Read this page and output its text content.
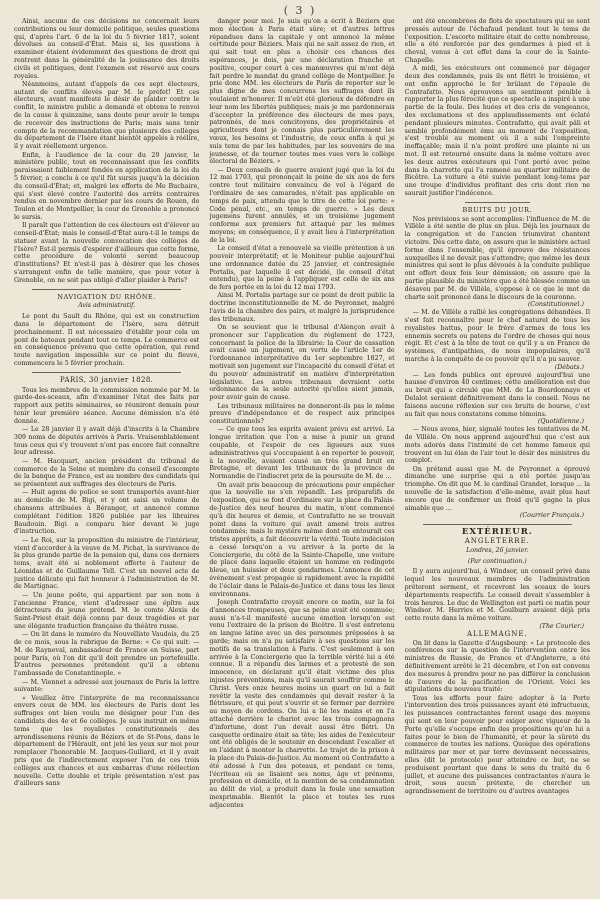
( 3 )

Ainsi, aucune de ces décisions ne concernait leurs contributions ou leur domicile politique, seules questions qui, d'après l'art. 6 de la loi du 5 février 1817, soient dévolues au conseil-d'État. Mais si, les questions à examiner étaient évidemment des questions de droit qui rentrent dans la généralité de la jouissance des droits civils et politiques, dont l'examen est réservé aux cours royales.

Néanmoins, autant d'appels de ces sept électeurs, autant de conflits élevés par M. le préfet! Et ces électeurs, avant manifesté le désir de plaider contre le conflit, le ministre public a demandé et obtenu le renvoi de la cause à quinzaine, sans doute pour avoir le temps de recevoir des instructions de Paris; mais sans tenir compte de la recommandation que plusieurs des collèges du département de l'Isère étant bientôt appelés à réélire, il y avait réellement urgence.

Enfin, à l'audience de la cour du 29 janvier, le ministère public, tout en reconnaissant que les conflits paraissaient faiblement fondés en application de la loi du 5 février, a conclu à ce qu'il fût sursis jusqu'à la décision du conseil-d'État; et, malgré les efforts de Me Buchaire, qui s'est élevé contre l'autorité des arrêts contraires rendus en novembre dernier par les cours de Rouen, de Toulon et de Montpellier, la cour de Grenoble a prononcé le sursis.

Il paraît que l'attention de ces électeurs est d'élever au conseil-d'État; mais le conseil-d'État aura-t-il le temps de statuer avant la nouvelle convocation des collèges de l'Isère? Est-il permis d'espérer d'ailleurs que cette forme, cette procédure de volonté seront beaucoup d'institutions? Et n'est-il pas à désirer que les choses s'arrangent enfin de telle manière, que pour voter à Grenoble, on ne soit pas obligé d'aller plaider à Paris?

NAVIGATION DU RHÔNE.
Avis administratif.

Le pont du Sault du Rhône, qui est en construction dans le département de l'Isère, sera détruit prochainement. Il est nécessaire d'établir pour cela un pont de bateaux pendant tout ce temps. Le commerce est en conséquence prévenu que cette opération, qui rend toute navigation impossible sur ce point du fleuve, commencera le 5 février prochain.

PARIS, 30 janvier 1828.

Tous les membres de la commission nommée par M. le garde-des-sceaux, afin d'examiner l'état des faits par rapport aux petits séminaires, se réuniront demain pour tenir leur première séance. Aucune démission n'a été donnée.

— Le 28 janvier il y avait déjà d'inscrits à la Chambre 309 noms de députés arrivés à Paris. Vraisemblablement tous ceux qui s'y trouvent n'ont pas encore fait connaître leur adresse.

— M. Hacquart, ancien président du tribunal de commerce de la Seine et membre du conseil d'escompte de la banque de France, est au nombre des candidats qui se présentent aux suffrages des électeurs de Paris.

— Huit agens de police se sont transportés avant-hier au domicile de M. Bigi, et y ont saisi un volume de chansons attribuées à Béranger, et annoncé comme complétant l'édition 1826 publiée par les libraires Baudouin. Bigi a comparu hier devant le juge d'instruction.

— Le Roi, sur la proposition du ministre de l'intérieur, vient d'accorder à la veuve de M. Pichat, la survivance de la plus grande partie de la pension qui, dans ces derniers tems, avait été si noblement offerte à l'auteur de Léonidas et de Guillaume Tell. C'est un nouvel acte de justice délicate qui fait honneur à l'administration de M. de Martignac.

— Un jeune poëte, qui appartient par son nom à l'ancienne France, vient d'adresser une épître aux détracteurs du jeune prétend. M. le comte Alexis de Saint-Priest était déjà connu par deux tragédies et par une élégante traduction française du théâtre russe.

— On lit dans le numéro du Nouvelliste Vaudois, du 25 de ce mois, sous la rubrique de Berne: « Ce qui suit: — M. de Rayneval, ambassadeur de France en Suisse, part pour Paris, où l'on dit qu'il doit prendre un portefeuille. D'autres personnes prétendent qu'il a obtenu l'ambassade de Constantinople. »

— M. Viennet a adressé aux journaux de Paris la lettre suivante:

« Veuillez être l'interprète de ma reconnaissance envers ceux de MM. les électeurs de Paris dont les suffrages ont bien voulu me désigner pour l'un des candidats des 4e et 6e collèges. Je suis instruit en même tems que les royalistes constitutionnels des arrondissemens réunis de Béziers et de St-Pons, dans le département de l'Hérault, ont jeté les yeux sur moi pour remplacer l'honorable M. Jacques-Guiliard, et il y avait pris que de l'indirectement exposer l'un de ces trois collèges aux chances et aux embarras d'une réélection nouvelle. Cette double et triple présentation n'est pas d'ailleurs sans

danger pour moi. Je suis qu'on a écrit à Béziers que mon élection à Paris était sûre; et d'autres lettres répandues dans la capitale y ont annoncé la même certitude pour Béziers. Mais qui ne sait assez de rien, et qui sait tout en plus a choisir ces chances des espérances, je dois, par une déclaration franche et positive, couper court à ces manœuvres qui m'ont déjà fait perdre le mandat du grand collège de Montpellier. Je prie donc MM. les électeurs de Paris de reporter sur le plus digne de mes concurrens les suffrages dont ils voulaient m'honorer. Il m'eût été glorieux de défendre en leur nom les libertés publiques; mais je me pardonnerais d'accepter la préférence des électeurs de mes pays, patronnés, de mes concitoyens, des propriétaires et agriculteurs dont je connais plus particulièrement les vœux, les besoins et l'industrie, de ceux enfin à qui je suis tenu de par les habitudes, par les souvenirs de ma jeunesse, et de tourner toutes mes vues vers le collège électoral de Béziers. »

— Deux conseils de guerre avaient jugé que la loi du 12 mai 1793, qui prononçait la peine de six ans de fers contre tout militaire convaincu de vol à l'égard de l'ordinaire de ses camarades, n'était pas applicable en temps de paix, attendu que le titre de cette loi porte: « Code pénal, etc., en temps de guerre. » Les deux jugemens furent annulés, et un troisième jugement conforme aux premiers fut attaqué par les mêmes moyens; en conséquence, il y avait lieu à l'interprétation de la loi.

Le conseil d'état a renouvelé sa vieille prétention à un pouvoir interprétatif; et le Moniteur publie aujourd'hui une ordonnance datée du 25 janvier, et contresignée Portalis, par laquelle il est décidé, (le conseil d'état entendu), que la peine à l'appliquer est celle de six ans de fers portée en la loi du 12 mai 1793.

Ainsi M. Portalis partage sur ce point de droit public la doctrine inconstitutionnelle de M. de Peyronnet, malgré l'avis de la chambre des pairs, et malgré la jurisprudence des tribunaux.

On se souvient que le tribunal d'Alençon avait à prononcer sur l'application du règlement de 1723, concernant la police de la librairie: la Cour de cassation avait cassé un jugement, en vertu de l'article 1er de l'ordonnance interprétative du 1er septembre 1827, et motivait son jugement sur l'incapacité du conseil d'état et du pouvoir administratif en matière d'interprétation législative. Les autres tribunaux devraient cette ordonnance de la seule autorité qu'elles aient jamais, pour avoir gain de cause.

Les tribunaux militaires ne donneront-ils pas le même preuve d'indépendance et de respect aux principes constitutionnels?

— Ce que tous les esprits avaient prévu est arrivé. La longue irritation que l'on a mise à punir un grand coupable, et l'espoir de ces ligueurs aux vues administratives qui s'occupaient à en reporter le pouvoir, à la nouvelle, avaient causé un très grand bruit en Bretagne, et devant les tribunaux de la province de Normandie de l'indiscret prix de la poursuite de M. de ...

On avait pris beaucoup de précautions pour empêcher que la nouvelle ne s'en répandît. Les préparatifs de l'exposition, qui se font d'ordinaire sur la place du Palais-de-Justice dès neuf heures du matin, n'ont commencé qu'à dix heures et demie, et Contrafatto ne se trouvait point dans la voiture qui avait amené trois autres condamnés; mais le mystère même dont on entourait ces tristes apprêts, a fait découvrir la vérité. Toute indécision a cessé lorsqu'on a vu arriver à la porte de la Conciergerie, du côté de la Sainte-Chapelle, une voiture de place dans laquelle étaient un homme en redingote bleue, un huissier et deux gendarmes. L'annonce de cet événement s'est propagée si rapidement avec la rapidité de l'éclair dans le Palais-de-Justice et dans tous les lieux environnans.

Joseph Contrafatto croyait encore ce matin, sur la foi d'annonces trompeuses, que sa peine avait été commuée; aussi n'a-t-il manifesté aucune émotion lorsqu'on est venu l'extraire de la prison de Bicêtre. Il s'est entretenu en langue latine avec un des personnes préposées à sa garde; mais on n'a pu satisfaire à ses questions sur les motifs de sa translation à Paris. C'est seulement à son arrivée à la Conciergerie que la terrible vérité lui a été connue. Il a répandu des larmes et a protesté de son innocence, en déclarant qu'il était victime des plus injustes préventions, mais qu'il saurait souffrir comme le Christ. Vers onze heures moins un quart on lui a fait revêtir la veste des condamnés qui devait rester à la flétrissure, et qui peut s'ouvrir et se fermer par derrière au moyen de cordons. On lui a lié les mains et on l'a attaché derrière le chariot avec les trois compagnons d'infortune, dont l'un devait aussi être flétri. Un casquette ordinaire était sa tête; les aides de l'exécuteur ont été obligés de le soutenir en descendant l'escalier et en l'aidant à monter la charrette. Le trajet de la prison à la place du Palais-de-Justice. Au moment où Contrafatto a été adossé à l'un des poteaux, et pendant ce tems, l'écriteau où se lisaient ses noms, âge et prénoms, profession et domicile, et la mention de sa condamnation au délit de viol, a produit dans la foule une sensation inexprimable. Bientôt la place et toutes les rues adjacentes

ont été encombrées de flots de spectateurs qui se sont pressés autour de l'échafaud pendant tout le tems de l'exposition. L'escorte militaire était de cette nombreuse, elle a été renforcée par des gendarmes à pied et à cheval, venus à cet effet dans la cour de la Sainte-Chapelle.

A midi, les exécuteurs ont commencé par dégager deux des condamnés, puis ils ont flétri le troisième, et ont enfin approché le fer brûlant de l'épaule de Contrafatto. Nous éprouvons un sentiment pénible à rapporter la plus férocité que ce spectacle a inspiré à une partie de la foule. Des huées et des cris de vengeance, des exclamations et des applaudissements ont éclaté pendant plusieurs minutes. Contrafatto, qui avait pâli et semblé profondément ému au moment de l'exposition, s'est troublé au moment où il a subi l'empreinte ineffaçable; mais il n'a point proféré une plainte ni un mot. Il est retourné ensuite dans la même voiture avec les deux autres exécuteurs qui l'ont porté avec peine dans la charrette qui l'a ramené au quartier militaire de Bicêtre. La voiture a été suivie pendant long-tems par une troupe d'individus profitant des cris dont rien ne saurait justifier l'indécence.

BRUITS DU JOUR.

Nos prévisions se sont accomplies: l'influence de M. de Villèle a été sentie de plus en plus. Déjà les journaux de la congrégation et de l'ancien triumvirat chantent victoire. Dès cette date, on assure que le ministère actuel forme dans l'ensemble, qu'il éprouve des résistances auxquelles il ne devait pas s'attendre; que même les deux ministres qui sont le plus dévoués à la conduite publique ont offert deux fois leur démission; on assure que la partie plausible du ministère que a été blessée comme un désaveu par M. de Villèle, s'oppose à ce que le mot de charte soit prononcé dans le discours de la couronne.

(Constitutionnel.)

— M. de Villèle a rallié les congrégations débandées. Il s'est fait reconnaître pour le chef naturel de tous les royalistes battus, pour le frère d'armes de tous les ennemis secrets ou patens de l'ordre de choses qui nous régit. Et c'est à la tête de tout ce qu'il y a en France de systèmes, d'antipathies, de nous impopulaires, qu'il marche à la conquête de ce pouvoir qu'il n'a pu sauver.

(Débats.)

— Les fonds publics ont éprouvé aujourd'hui une hausse d'environ 40 centimes; cette amélioration est due au bruit qui a circulé que MM. de La Bourdonnaye et Delalot seraient définitivement dans le conseil. Nous ne faisons aucune réflexion sur ces bruits de bourse, c'est au fait que nous constatons comme témoins.

(Quotidienne.)

— Nous avons, hier, signalé toutes les tentatives de M. de Villèle. On nous apprend aujourd'hui que c'est aux mots adorés dans l'intimité de cet homme fameux qui trouvent en lui élan de l'air tout le désir des ministres du complot.

On prétend aussi que M. de Peyronnet a éprouvé dimanche une surprise qui a été portée jusqu'au triomphe. On dit que M. le cardinal Grandet, lorsque ... la nouvelle de la satisfaction d'elle-même, avait plus haut encore que de confirmer un froid qu'il gagne la plus aimable que ...

(Courrier Français.)
EXTÉRIEUR.
ANGLETERRE.
Londres, 26 janvier.
(Par continuation.)

Il y aura aujourd'hui, à Windsor, un conseil privé dans lequel les nouveaux membres de l'administration prêteront serment, et recevront les sceaux de leurs départements respectifs. Le conseil devait s'assembler à trois heures. Le duc de Wellington est parti ce matin pour Windsor. M. Herries et M. Goulburn avaient déjà pris cette route dans la même voiture.

(The Courier.)
ALLEMAGNE.

On lit dans la Gazette d'Augsbourg: « Le protocole des conférences sur la question de l'intervention entre les ministres de Russie, de France et d'Angleterre, a été définitivement arrêté le 21 décembre, et l'on est convenu des mesures à prendre pour ne pas différer la conclusion de l'œuvre de la pacification de l'Orient. Voici les stipulations du nouveau traité:

Tous les efforts pour faire adopter à la Porte l'intervention des trois puissances ayant été infructueux, les puissances contractantes feront usage des moyens qui sont en leur pouvoir pour exiger avec vigueur de la Porte qu'elle s'occupe enfin des propositions qu'on lui a faites pour le bien de l'humanité, et pour la sûreté du commerce de toutes les nations. Quoique des opérations militaires par mer et par terre devinssent nécessaires, elles (dit le protocole) pour atteindre ce but, ne se produisent pourtant que dans le sens du traité du 6 juillet, et aucune des puissances contractantes n'aura le droit, sous aucun prétexte, de chercher un agrandissement de territoire ou d'autres avantages
